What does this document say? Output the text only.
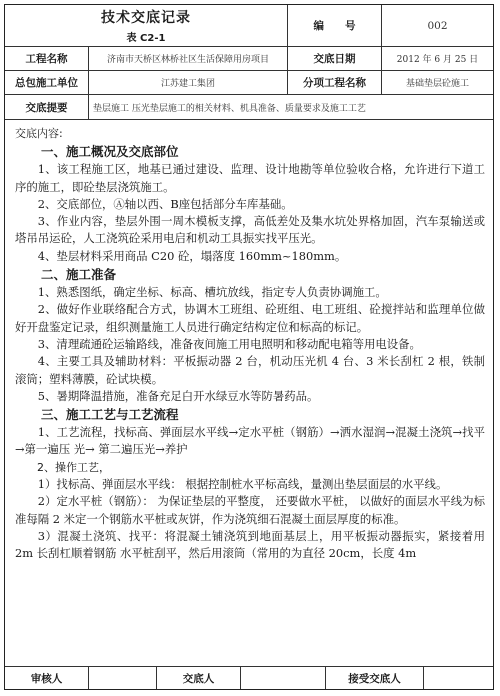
技术交底记录
表 C2-1
编　　号	002
工程名称	济南市天桥区林桥社区生活保障用房项目	交底日期	2012 年 6 月 25 日
总包施工单位	江苏建工集团	分项工程名称	基础垫层砼施工
交底提要	垫层施工 压光垫层施工的相关材料、机具准备、质量要求及施工工艺

交底内容:

一、施工概况及交底部位

1、该工程施工区，地基已通过建设、监理、设计地勘等单位验收合格，允许进行下道工序的施工，即砼垫层浇筑施工。

2、交底部位，Ⓐ轴以西、B座包括部分车库基础。

3、作业内容，垫层外围一周木模板支撑，高低差处及集水坑处界格加固，汽车泵输送或塔吊吊运砼，人工浇筑砼采用电启和机动工具振实找平压光。

4、垫层材料采用商品 C20 砼，塌落度 160mm~180mm。

二、施工准备

1、熟悉图纸，确定坐标、标高、槽坑放线，指定专人负责协调施工。

2、做好作业联络配合方式，协调木工班组、砼班组、电工班组、砼搅拌站和监理单位做好开盘鉴定记录，组织测量施工人员进行确定结构定位和标高的标记。

3、清理疏通砼运输路线，准备夜间施工用电照明和移动配电箱等用电设备。

4、主要工具及辅助材料：平板振动器 2 台，机动压光机 4 台、3 米长刮杠 2 根，铁制滚筒；塑料薄膜，砼试块模。

5、暑期降温措施，准备充足白开水绿豆水等防暑药品。

三、施工工艺与工艺流程

1、工艺流程，找标高、弹面层水平线→定水平桩（钢筋）→洒水湿润→混凝土浇筑→找平→第一遍压 光→ 第二遍压光→养护

2、操作工艺，

1）找标高、弹面层水平线： 根据控制桩水平标高线，量测出垫层面层的水平线。

2）定水平桩（钢筋）： 为保证垫层的平整度， 还要做水平桩， 以做好的面层水平线为标准每隔 2 米定一个钢筋水平桩或灰饼，作为浇筑细石混凝土面层厚度的标准。

3）混凝土浇筑、找平：将混凝土铺浇筑到地面基层上，用平板振动器振实，紧接着用 2m 长刮杠顺着钢筋 水平桩刮平，然后用滚筒（常用的为直径 20cm，长度 4m

审核人	交底人	接受交底人
